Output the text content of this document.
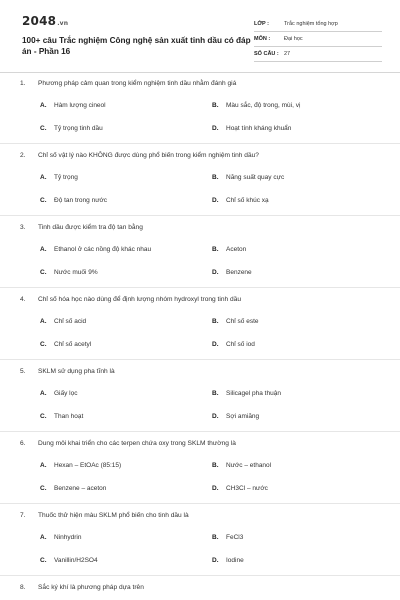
2048.vn
100+ câu Trắc nghiệm Công nghệ sản xuất tinh dầu có đáp án - Phần 16
LỚP :	Trắc nghiệm tổng hợp
MÔN :	Đại học
SỐ CÂU : 27
1. Phương pháp cảm quan trong kiểm nghiệm tinh dầu nhằm đánh giá
A. Hàm lượng cineol	B. Màu sắc, độ trong, mùi, vị
C. Tỷ trọng tinh dầu	D. Hoạt tính kháng khuẩn
2. Chỉ số vật lý nào KHÔNG được dùng phổ biến trong kiểm nghiệm tinh dầu?
A. Tỷ trọng	B. Năng suất quay cực
C. Độ tan trong nước	D. Chỉ số khúc xạ
3. Tinh dầu được kiểm tra độ tan bằng
A. Ethanol ở các nồng độ khác nhau	B. Aceton
C. Nước muối 9%	D. Benzene
4. Chỉ số hóa học nào dùng để định lượng nhóm hydroxyl trong tinh dầu
A. Chỉ số acid	B. Chỉ số este
C. Chỉ số acetyl	D. Chỉ số iod
5. SKLM sử dụng pha tĩnh là
A. Giấy lọc	B. Silicagel pha thuận
C. Than hoạt	D. Sợi amiăng
6. Dung môi khai triển cho các terpen chứa oxy trong SKLM thường là
A. Hexan – EtOAc (85:15)	B. Nước – ethanol
C. Benzene – aceton	D. CH3Cl – nước
7. Thuốc thử hiện màu SKLM phổ biến cho tinh dầu là
A. Ninhydrin	B. FeCl3
C. Vanillin/H2SO4	D. Iodine
8. Sắc ký khí là phương pháp dựa trên
